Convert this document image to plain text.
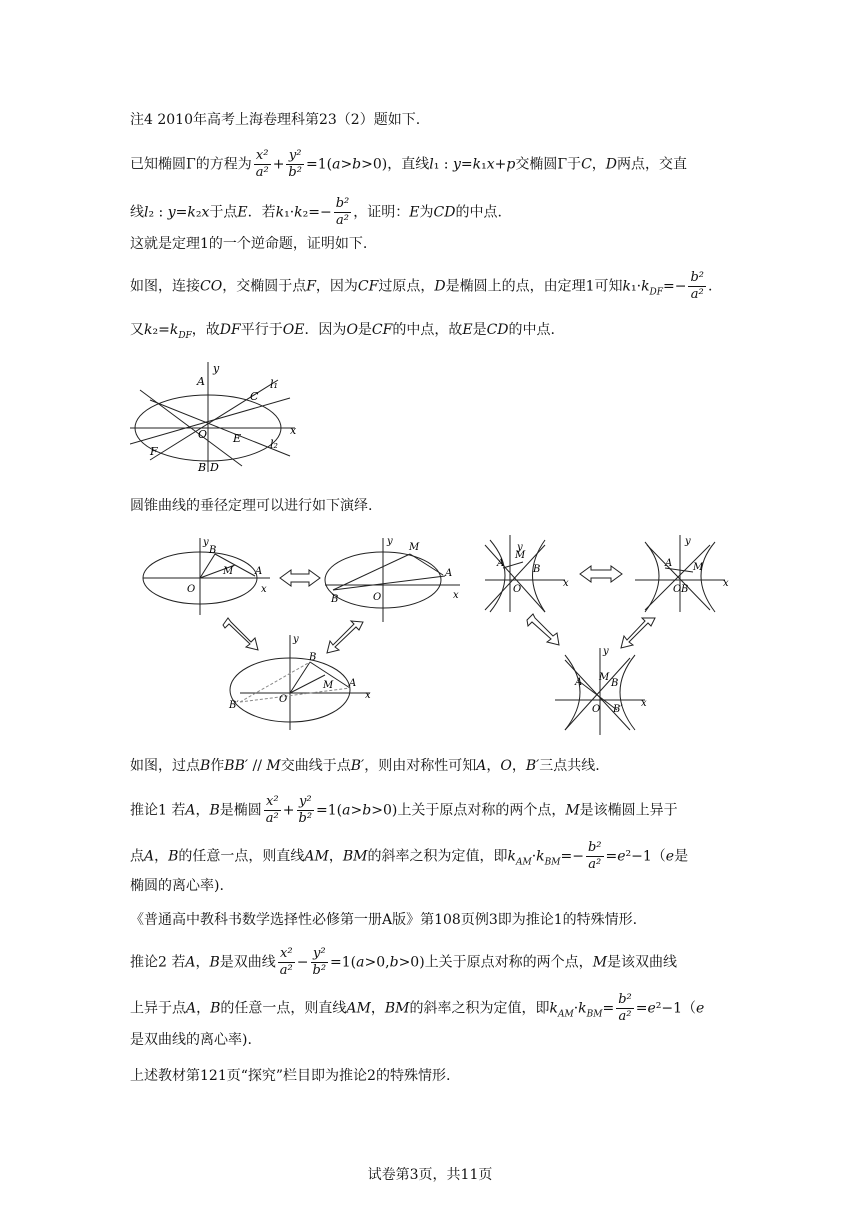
注4 2010年高考上海卷理科第23（2）题如下.
已知椭圆Γ的方程为 $\frac{\text{x²}}{\text{a²}} + \frac{\text{y²}}{\text{b²}} =1(a>b>0)$，直线l₁ : y=k₁x+p交椭圆Γ于C，D两点，交直
线l₂ : y=k₂x于点E．若$k_1\cdot k_2=- \frac{\text{b²}}{\text{a²}}$ ，证明：E为CD的中点.
这就是定理1的一个逆命题，证明如下.
如图，连接CO，交椭圆于点F，因为CF过原点，D是椭圆上的点，由定理1可知$k_1\cdot k_{DF}=- \frac{\text{b²}}{\text{a²}}$ .
又$k_2=k_{DF}$，故DF平行于OE．因为O是CF的中点，故E是CD的中点.
A
y
l₁
C
O E
x
l₂
F
B D
圆锥曲线的垂径定理可以进行如下演绎.
y
B
M A
O	x
y
M
A
B	O	x
y
M
A
B
O
x
y
A M
B
O
x
y
B
M A
B′
O	x
y
M
A	B
O B′
x
如图，过点B作BB′ // M交曲线于点B′，则由对称性可知A，O，B′三点共线.
推论1 若A，B是椭圆 $\frac{\text{x²}}{\text{a²}} + \frac{\text{y²}}{\text{b²}} =1(a>b>0)$上关于原点对称的两个点，M是该椭圆上异于
点A，B的任意一点，则直线AM，BM的斜率之积为定值，即$k_{AM}\cdot k_{BM}=- \frac{\text{b²}}{\text{a²}} =e^2-1(e$是
椭圆的离心率).
《普通高中教科书数学选择性必修第一册A版》第108页例3即为推论1的特殊情形.
推论2 若A，B是双曲线 $\frac{\text{x²}}{\text{a²}} - \frac{\text{y²}}{\text{b²}} =1(a>0,b>0)$上关于原点对称的两个点，M是该双曲线
上异于点A，B的任意一点，则直线AM，BM的斜率之积为定值，即$k_{AM}\cdot k_{BM}= \frac{\text{b²}}{\text{a²}} =e^2-1(e$
是双曲线的离心率).
上述教材第121页“探究”栏目即为推论2的特殊情形.
试卷第3页，共11页
